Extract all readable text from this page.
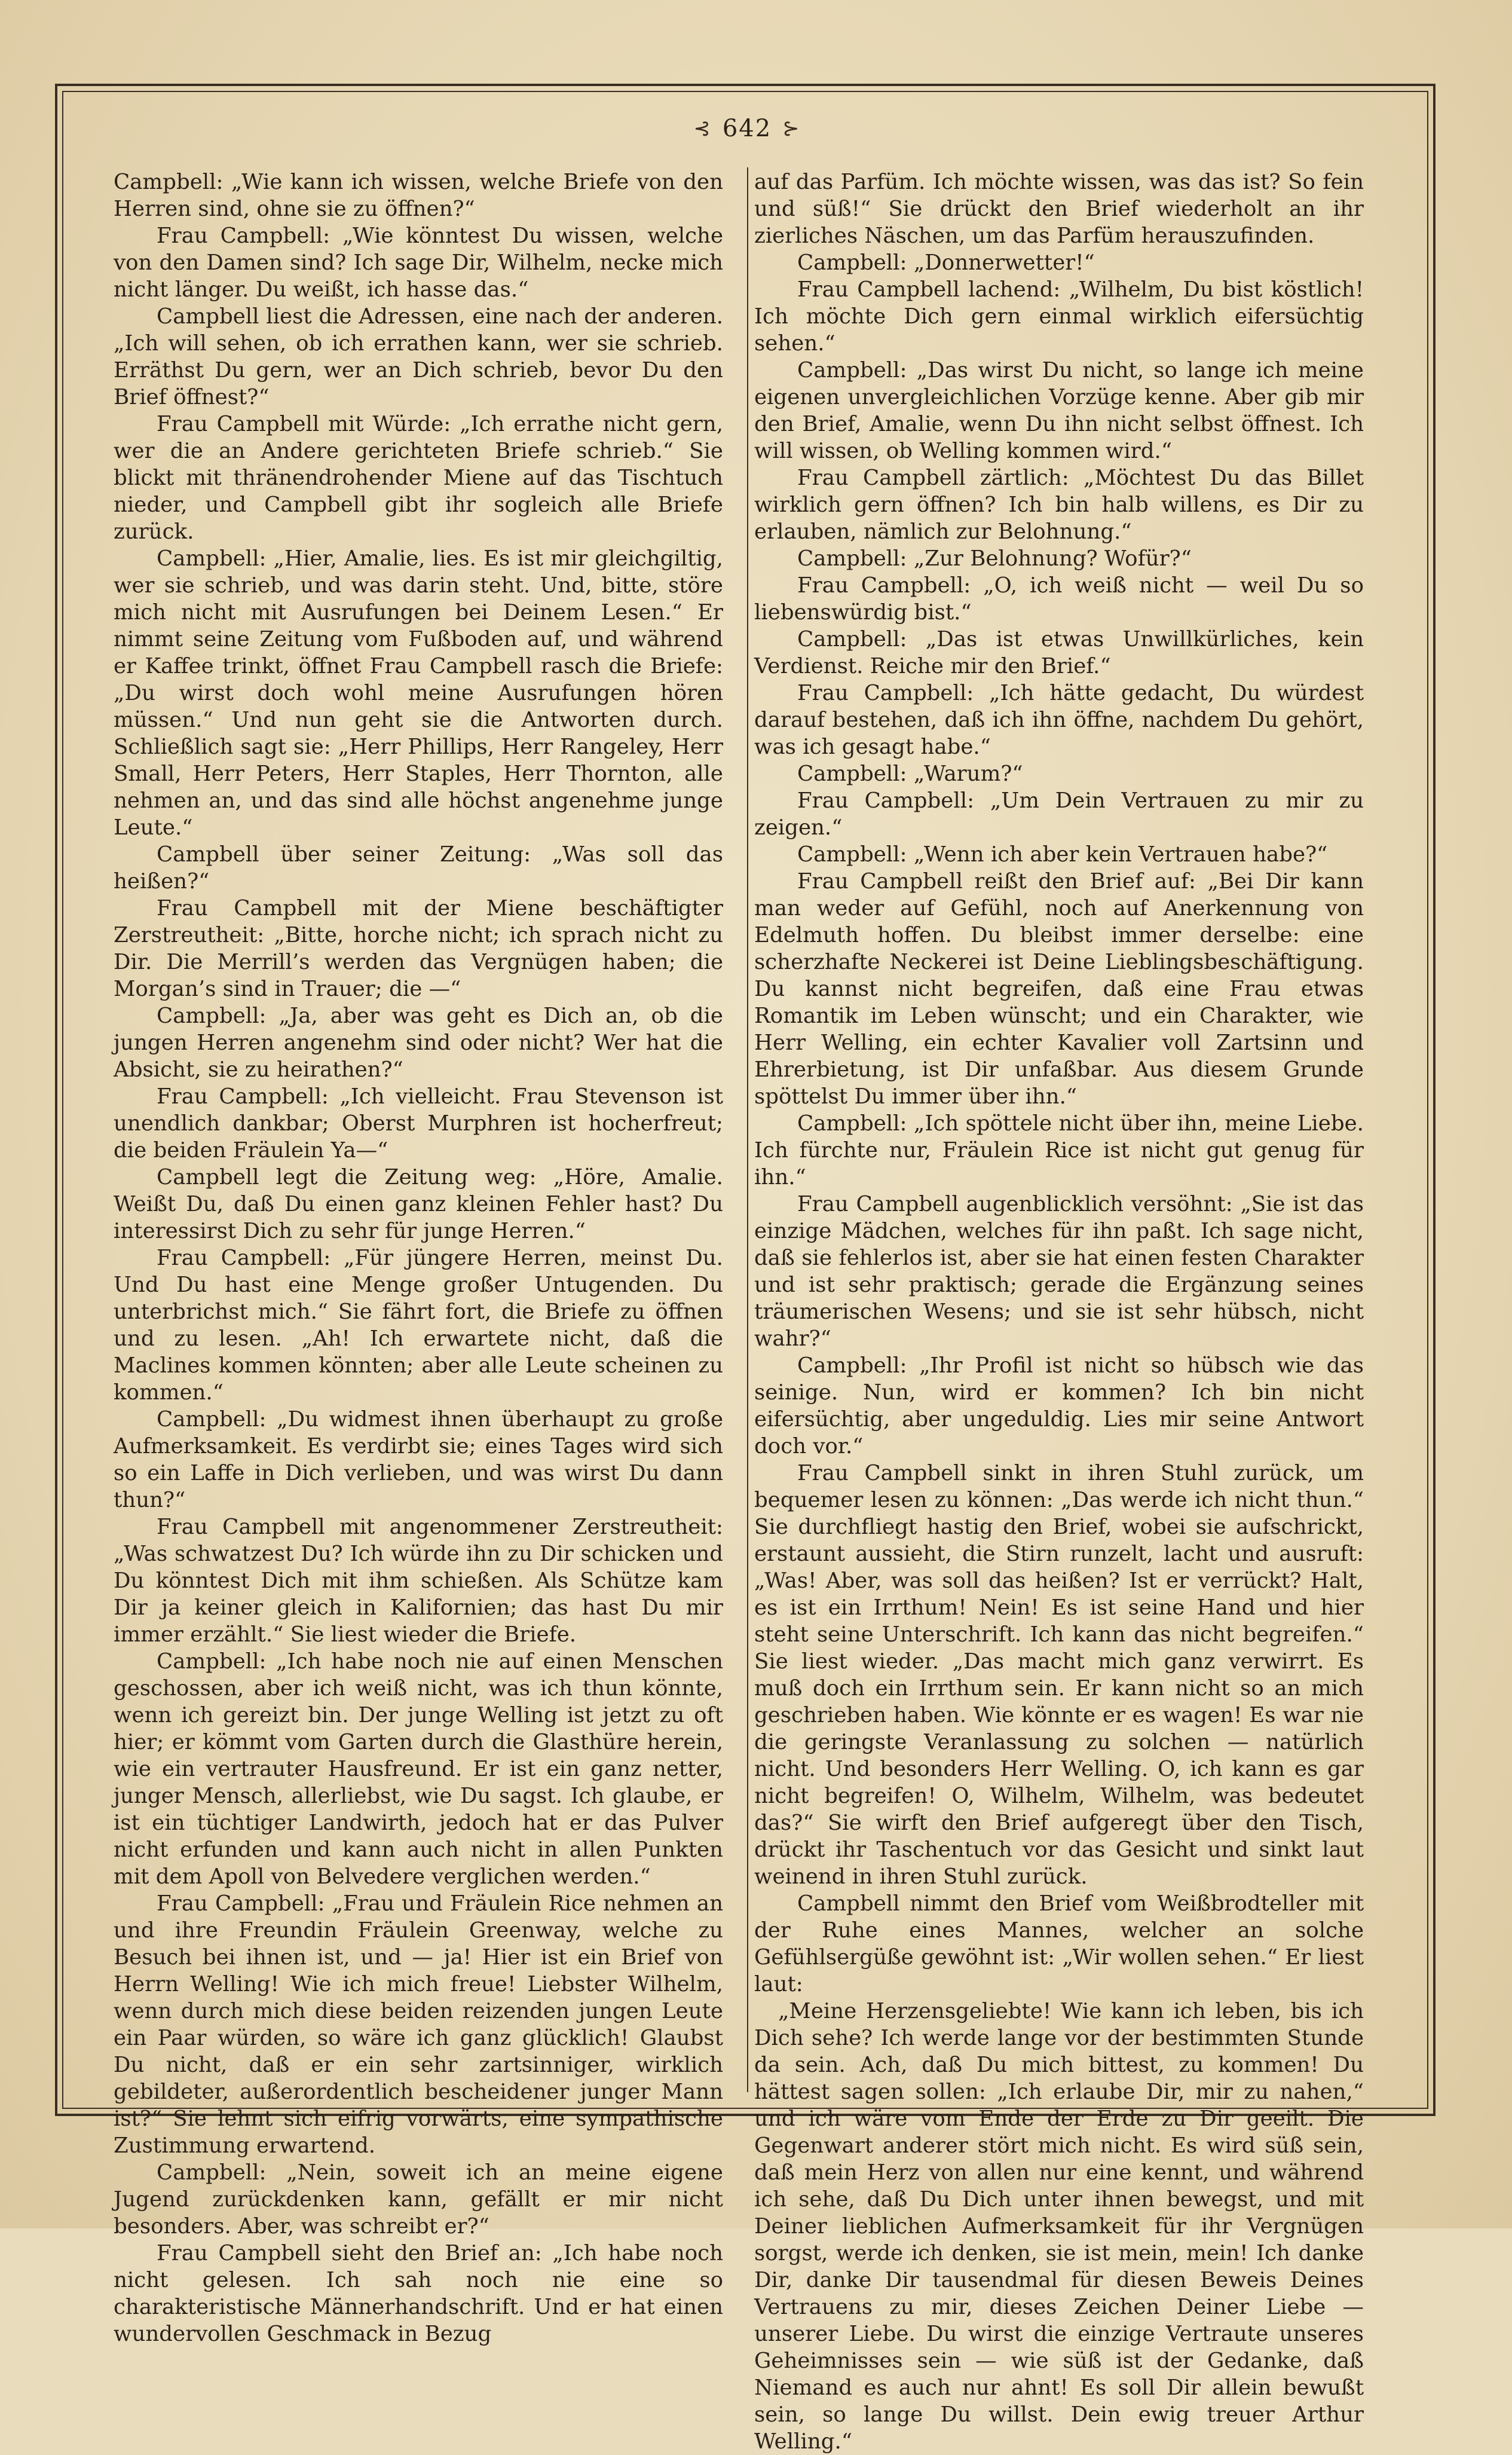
⊰ 642 ⊱

Campbell: „Wie kann ich wissen, welche Briefe von den Herren sind, ohne sie zu öffnen?“

Frau Campbell: „Wie könntest Du wissen, welche von den Damen sind? Ich sage Dir, Wilhelm, necke mich nicht länger. Du weißt, ich hasse das.“

Campbell liest die Adressen, eine nach der anderen. „Ich will sehen, ob ich errathen kann, wer sie schrieb. Erräthst Du gern, wer an Dich schrieb, bevor Du den Brief öffnest?“

Frau Campbell mit Würde: „Ich errathe nicht gern, wer die an Andere gerichteten Briefe schrieb.“ Sie blickt mit thränendrohender Miene auf das Tischtuch nieder, und Campbell gibt ihr sogleich alle Briefe zurück.

Campbell: „Hier, Amalie, lies. Es ist mir gleichgiltig, wer sie schrieb, und was darin steht. Und, bitte, störe mich nicht mit Ausrufungen bei Deinem Lesen.“ Er nimmt seine Zeitung vom Fußboden auf, und während er Kaffee trinkt, öffnet Frau Campbell rasch die Briefe: „Du wirst doch wohl meine Ausrufungen hören müssen.“ Und nun geht sie die Antworten durch. Schließlich sagt sie: „Herr Phillips, Herr Rangeley, Herr Small, Herr Peters, Herr Staples, Herr Thornton, alle nehmen an, und das sind alle höchst angenehme junge Leute.“

Campbell über seiner Zeitung: „Was soll das heißen?“

Frau Campbell mit der Miene beschäftigter Zerstreutheit: „Bitte, horche nicht; ich sprach nicht zu Dir. Die Merrill’s werden das Vergnügen haben; die Morgan’s sind in Trauer; die —“

Campbell: „Ja, aber was geht es Dich an, ob die jungen Herren angenehm sind oder nicht? Wer hat die Absicht, sie zu heirathen?“

Frau Campbell: „Ich vielleicht. Frau Stevenson ist unendlich dankbar; Oberst Murphren ist hocherfreut; die beiden Fräulein Ya—“

Campbell legt die Zeitung weg: „Höre, Amalie. Weißt Du, daß Du einen ganz kleinen Fehler hast? Du interessirst Dich zu sehr für junge Herren.“

Frau Campbell: „Für jüngere Herren, meinst Du. Und Du hast eine Menge großer Untugenden. Du unterbrichst mich.“ Sie fährt fort, die Briefe zu öffnen und zu lesen. „Ah! Ich erwartete nicht, daß die Maclines kommen könnten; aber alle Leute scheinen zu kommen.“

Campbell: „Du widmest ihnen überhaupt zu große Aufmerksamkeit. Es verdirbt sie; eines Tages wird sich so ein Laffe in Dich verlieben, und was wirst Du dann thun?“

Frau Campbell mit angenommener Zerstreutheit: „Was schwatzest Du? Ich würde ihn zu Dir schicken und Du könntest Dich mit ihm schießen. Als Schütze kam Dir ja keiner gleich in Kalifornien; das hast Du mir immer erzählt.“ Sie liest wieder die Briefe.

Campbell: „Ich habe noch nie auf einen Menschen geschossen, aber ich weiß nicht, was ich thun könnte, wenn ich gereizt bin. Der junge Welling ist jetzt zu oft hier; er kömmt vom Garten durch die Glasthüre herein, wie ein vertrauter Hausfreund. Er ist ein ganz netter, junger Mensch, allerliebst, wie Du sagst. Ich glaube, er ist ein tüchtiger Landwirth, jedoch hat er das Pulver nicht erfunden und kann auch nicht in allen Punkten mit dem Apoll von Belvedere verglichen werden.“

Frau Campbell: „Frau und Fräulein Rice nehmen an und ihre Freundin Fräulein Greenway, welche zu Besuch bei ihnen ist, und — ja! Hier ist ein Brief von Herrn Welling! Wie ich mich freue! Liebster Wilhelm, wenn durch mich diese beiden reizenden jungen Leute ein Paar würden, so wäre ich ganz glücklich! Glaubst Du nicht, daß er ein sehr zartsinniger, wirklich gebildeter, außerordentlich bescheidener junger Mann ist?“ Sie lehnt sich eifrig vorwärts, eine sympathische Zustimmung erwartend.

Campbell: „Nein, soweit ich an meine eigene Jugend zurückdenken kann, gefällt er mir nicht besonders. Aber, was schreibt er?“

Frau Campbell sieht den Brief an: „Ich habe noch nicht gelesen. Ich sah noch nie eine so charakteristische Männerhandschrift. Und er hat einen wundervollen Geschmack in Bezug

auf das Parfüm. Ich möchte wissen, was das ist? So fein und süß!“ Sie drückt den Brief wiederholt an ihr zierliches Näschen, um das Parfüm herauszufinden.

Campbell: „Donnerwetter!“

Frau Campbell lachend: „Wilhelm, Du bist köstlich! Ich möchte Dich gern einmal wirklich eifersüchtig sehen.“

Campbell: „Das wirst Du nicht, so lange ich meine eigenen unvergleichlichen Vorzüge kenne. Aber gib mir den Brief, Amalie, wenn Du ihn nicht selbst öffnest. Ich will wissen, ob Welling kommen wird.“

Frau Campbell zärtlich: „Möchtest Du das Billet wirklich gern öffnen? Ich bin halb willens, es Dir zu erlauben, nämlich zur Belohnung.“

Campbell: „Zur Belohnung? Wofür?“

Frau Campbell: „O, ich weiß nicht — weil Du so liebenswürdig bist.“

Campbell: „Das ist etwas Unwillkürliches, kein Verdienst. Reiche mir den Brief.“

Frau Campbell: „Ich hätte gedacht, Du würdest darauf bestehen, daß ich ihn öffne, nachdem Du gehört, was ich gesagt habe.“

Campbell: „Warum?“

Frau Campbell: „Um Dein Vertrauen zu mir zu zeigen.“

Campbell: „Wenn ich aber kein Vertrauen habe?“

Frau Campbell reißt den Brief auf: „Bei Dir kann man weder auf Gefühl, noch auf Anerkennung von Edelmuth hoffen. Du bleibst immer derselbe: eine scherzhafte Neckerei ist Deine Lieblingsbeschäftigung. Du kannst nicht begreifen, daß eine Frau etwas Romantik im Leben wünscht; und ein Charakter, wie Herr Welling, ein echter Kavalier voll Zartsinn und Ehrerbietung, ist Dir unfaßbar. Aus diesem Grunde spöttelst Du immer über ihn.“

Campbell: „Ich spöttele nicht über ihn, meine Liebe. Ich fürchte nur, Fräulein Rice ist nicht gut genug für ihn.“

Frau Campbell augenblicklich versöhnt: „Sie ist das einzige Mädchen, welches für ihn paßt. Ich sage nicht, daß sie fehlerlos ist, aber sie hat einen festen Charakter und ist sehr praktisch; gerade die Ergänzung seines träumerischen Wesens; und sie ist sehr hübsch, nicht wahr?“

Campbell: „Ihr Profil ist nicht so hübsch wie das seinige. Nun, wird er kommen? Ich bin nicht eifersüchtig, aber ungeduldig. Lies mir seine Antwort doch vor.“

Frau Campbell sinkt in ihren Stuhl zurück, um bequemer lesen zu können: „Das werde ich nicht thun.“ Sie durchfliegt hastig den Brief, wobei sie aufschrickt, erstaunt aussieht, die Stirn runzelt, lacht und ausruft: „Was! Aber, was soll das heißen? Ist er verrückt? Halt, es ist ein Irrthum! Nein! Es ist seine Hand und hier steht seine Unterschrift. Ich kann das nicht begreifen.“ Sie liest wieder. „Das macht mich ganz verwirrt. Es muß doch ein Irrthum sein. Er kann nicht so an mich geschrieben haben. Wie könnte er es wagen! Es war nie die geringste Veranlassung zu solchen — natürlich nicht. Und besonders Herr Welling. O, ich kann es gar nicht begreifen! O, Wilhelm, Wilhelm, was bedeutet das?“ Sie wirft den Brief aufgeregt über den Tisch, drückt ihr Taschentuch vor das Gesicht und sinkt laut weinend in ihren Stuhl zurück.

Campbell nimmt den Brief vom Weißbrodteller mit der Ruhe eines Mannes, welcher an solche Gefühlsergüße gewöhnt ist: „Wir wollen sehen.“ Er liest laut:

„Meine Herzensgeliebte! Wie kann ich leben, bis ich Dich sehe? Ich werde lange vor der bestimmten Stunde da sein. Ach, daß Du mich bittest, zu kommen! Du hättest sagen sollen: „Ich erlaube Dir, mir zu nahen,“ und ich wäre vom Ende der Erde zu Dir geeilt. Die Gegenwart anderer stört mich nicht. Es wird süß sein, daß mein Herz von allen nur eine kennt, und während ich sehe, daß Du Dich unter ihnen bewegst, und mit Deiner lieblichen Aufmerksamkeit für ihr Vergnügen sorgst, werde ich denken, sie ist mein, mein! Ich danke Dir, danke Dir tausendmal für diesen Beweis Deines Vertrauens zu mir, dieses Zeichen Deiner Liebe — unserer Liebe. Du wirst die einzige Vertraute unseres Geheimnisses sein — wie süß ist der Gedanke, daß Niemand es auch nur ahnt! Es soll Dir allein bewußt sein, so lange Du willst. Dein ewig treuer Arthur Welling.“
